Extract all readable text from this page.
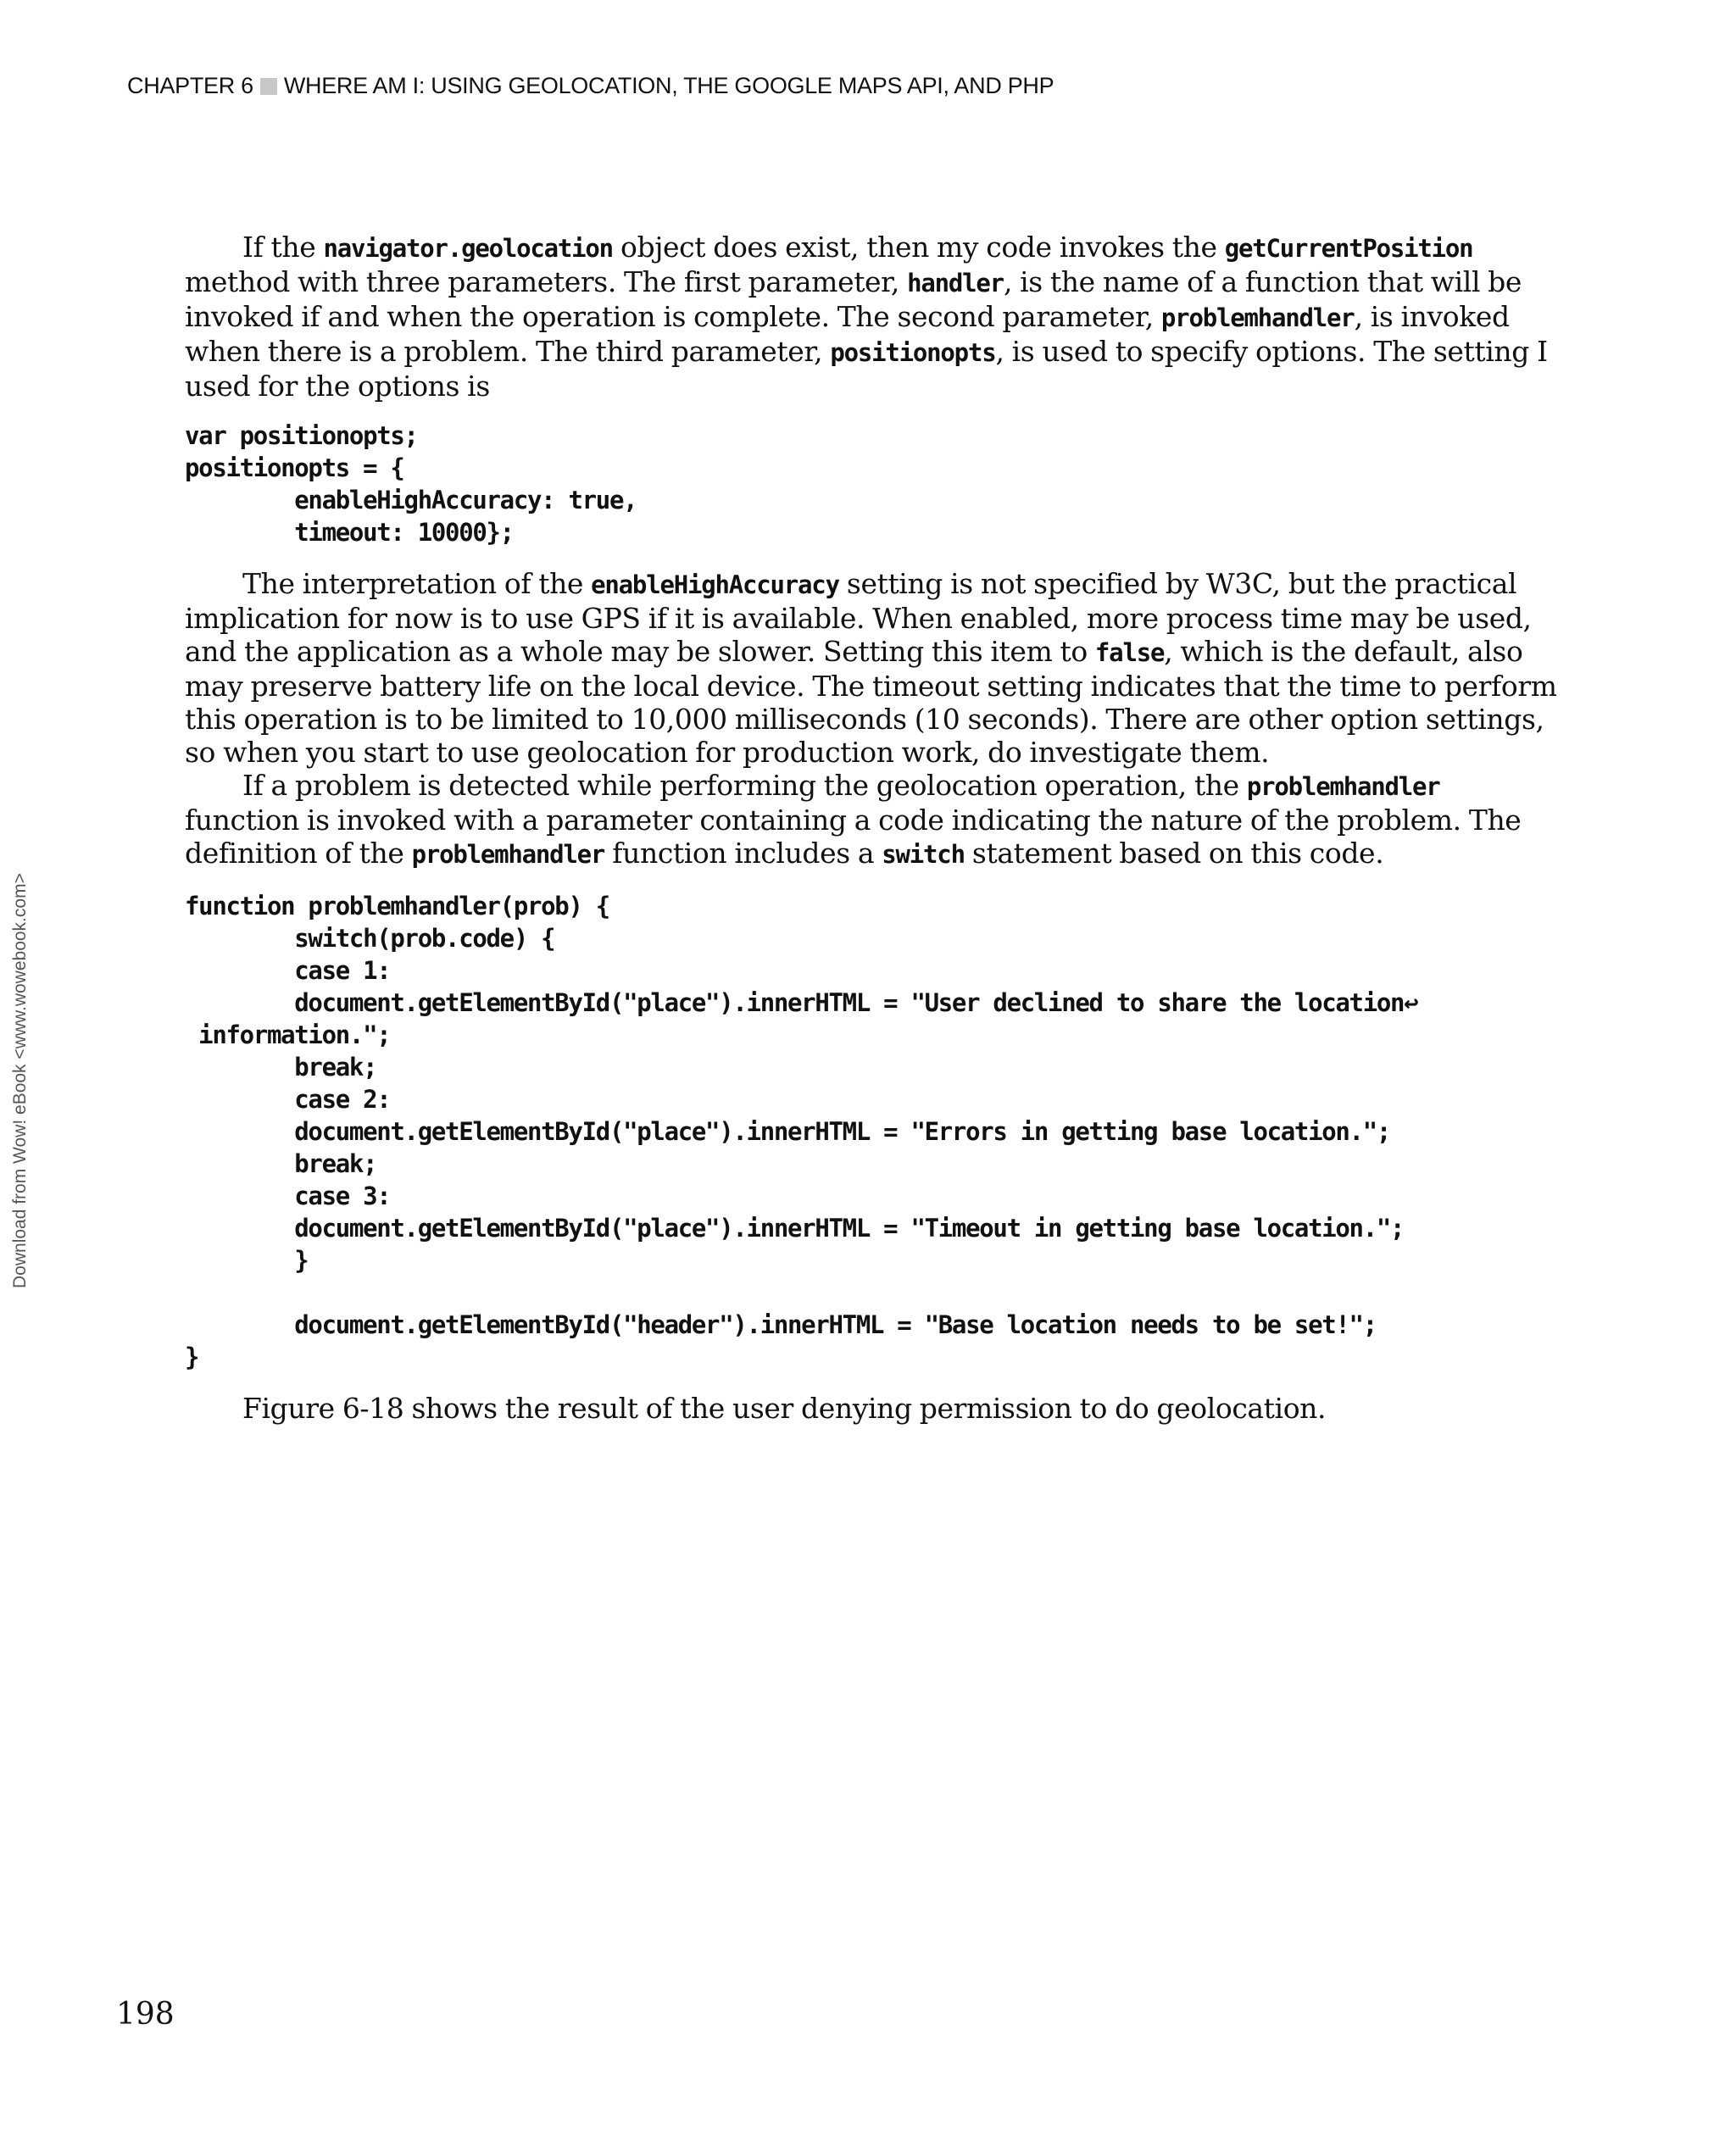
CHAPTER 6 WHERE AM I: USING GEOLOCATION, THE GOOGLE MAPS API, AND PHP
Download from Wow! eBook <www.wowebook.com>

If the navigator.geolocation object does exist, then my code invokes the getCurrentPosition method with three parameters. The first parameter, handler, is the name of a function that will be invoked if and when the operation is complete. The second parameter, problemhandler, is invoked when there is a problem. The third parameter, positionopts, is used to specify options. The setting I used for the options is

var positionopts;
positionopts = {
enableHighAccuracy: true,
timeout: 10000};

The interpretation of the enableHighAccuracy setting is not specified by W3C, but the practical implication for now is to use GPS if it is available. When enabled, more process time may be used, and the application as a whole may be slower. Setting this item to false, which is the default, also may preserve battery life on the local device. The timeout setting indicates that the time to perform this operation is to be limited to 10,000 milliseconds (10 seconds). There are other option settings, so when you start to use geolocation for production work, do investigate them.

If a problem is detected while performing the geolocation operation, the problemhandler function is invoked with a parameter containing a code indicating the nature of the problem. The definition of the problemhandler function includes a switch statement based on this code.

function problemhandler(prob) {
switch(prob.code) {
case 1:
document.getElementById("place").innerHTML = "User declined to share the location↩
information.";
break;
case 2:
document.getElementById("place").innerHTML = "Errors in getting base location.";
break;
case 3:
document.getElementById("place").innerHTML = "Timeout in getting base location.";
}
document.getElementById("header").innerHTML = "Base location needs to be set!";
}

Figure 6-18 shows the result of the user denying permission to do geolocation.

198
